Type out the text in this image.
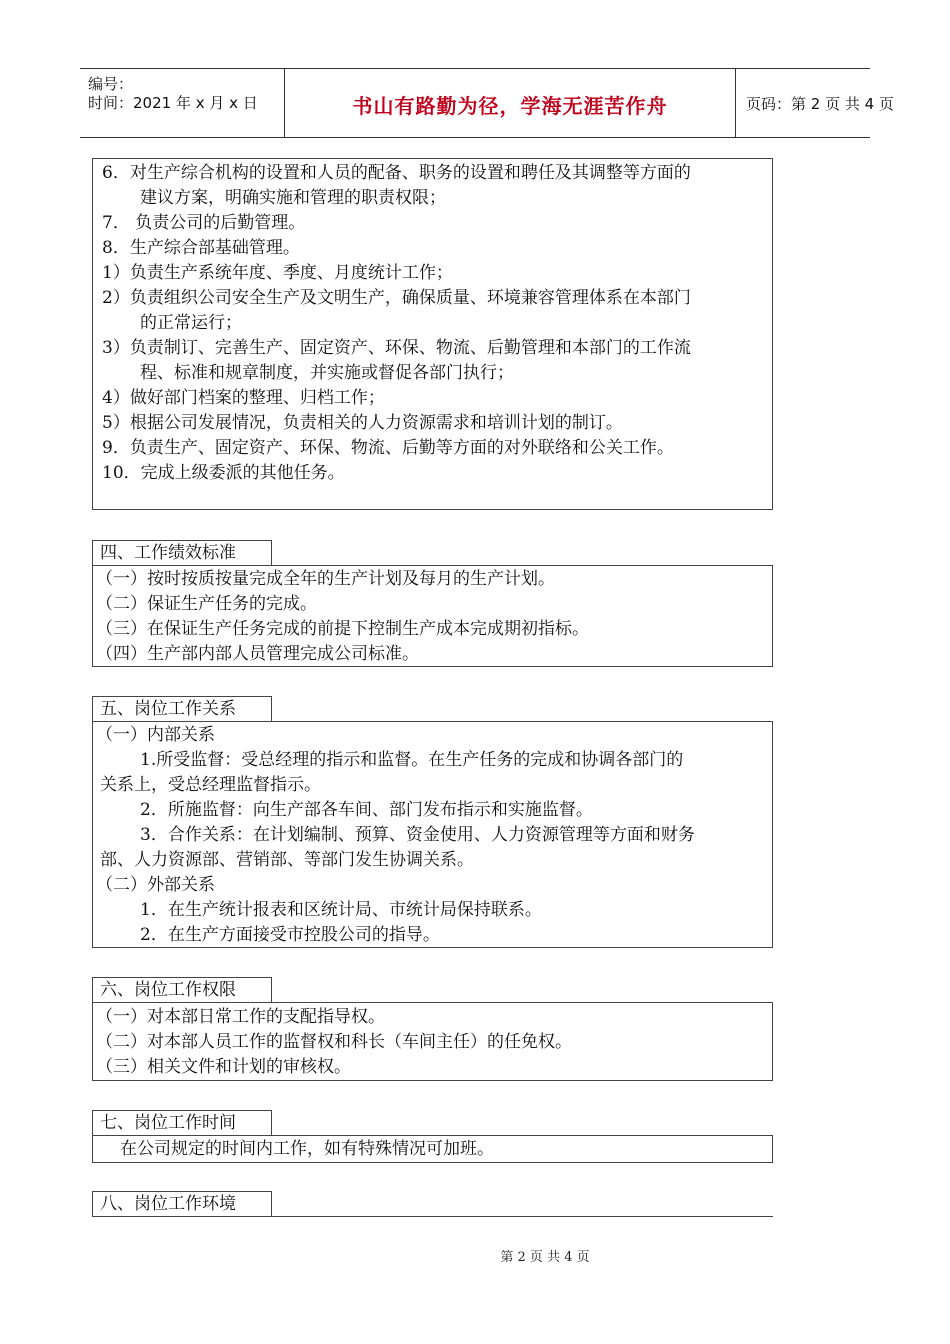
编号：
时间：2021 年 x 月 x 日	书山有路勤为径，学海无涯苦作舟	页码：第 2 页 共 4 页
6．对生产综合机构的设置和人员的配备、职务的设置和聘任及其调整等方面的
建议方案，明确实施和管理的职责权限；
7． 负责公司的后勤管理。
8．生产综合部基础管理。
1）负责生产系统年度、季度、月度统计工作；
2）负责组织公司安全生产及文明生产，确保质量、环境兼容管理体系在本部门
的正常运行；
3）负责制订、完善生产、固定资产、环保、物流、后勤管理和本部门的工作流
程、标准和规章制度，并实施或督促各部门执行；
4）做好部门档案的整理、归档工作；
5）根据公司发展情况，负责相关的人力资源需求和培训计划的制订。
9．负责生产、固定资产、环保、物流、后勤等方面的对外联络和公关工作。
10．完成上级委派的其他任务。
四、工作绩效标准
（一）按时按质按量完成全年的生产计划及每月的生产计划。
（二）保证生产任务的完成。
（三）在保证生产任务完成的前提下控制生产成本完成期初指标。
（四）生产部内部人员管理完成公司标准。
五、岗位工作关系
（一）内部关系
1.所受监督：受总经理的指示和监督。在生产任务的完成和协调各部门的
关系上，受总经理监督指示。
2．所施监督：向生产部各车间、部门发布指示和实施监督。
3．合作关系：在计划编制、预算、资金使用、人力资源管理等方面和财务
部、人力资源部、营销部、等部门发生协调关系。
（二）外部关系
1．在生产统计报表和区统计局、市统计局保持联系。
2．在生产方面接受市控股公司的指导。
六、岗位工作权限
（一）对本部日常工作的支配指导权。
（二）对本部人员工作的监督权和科长（车间主任）的任免权。
（三）相关文件和计划的审核权。
七、岗位工作时间
在公司规定的时间内工作，如有特殊情况可加班。
八、岗位工作环境
第 2 页 共 4 页
